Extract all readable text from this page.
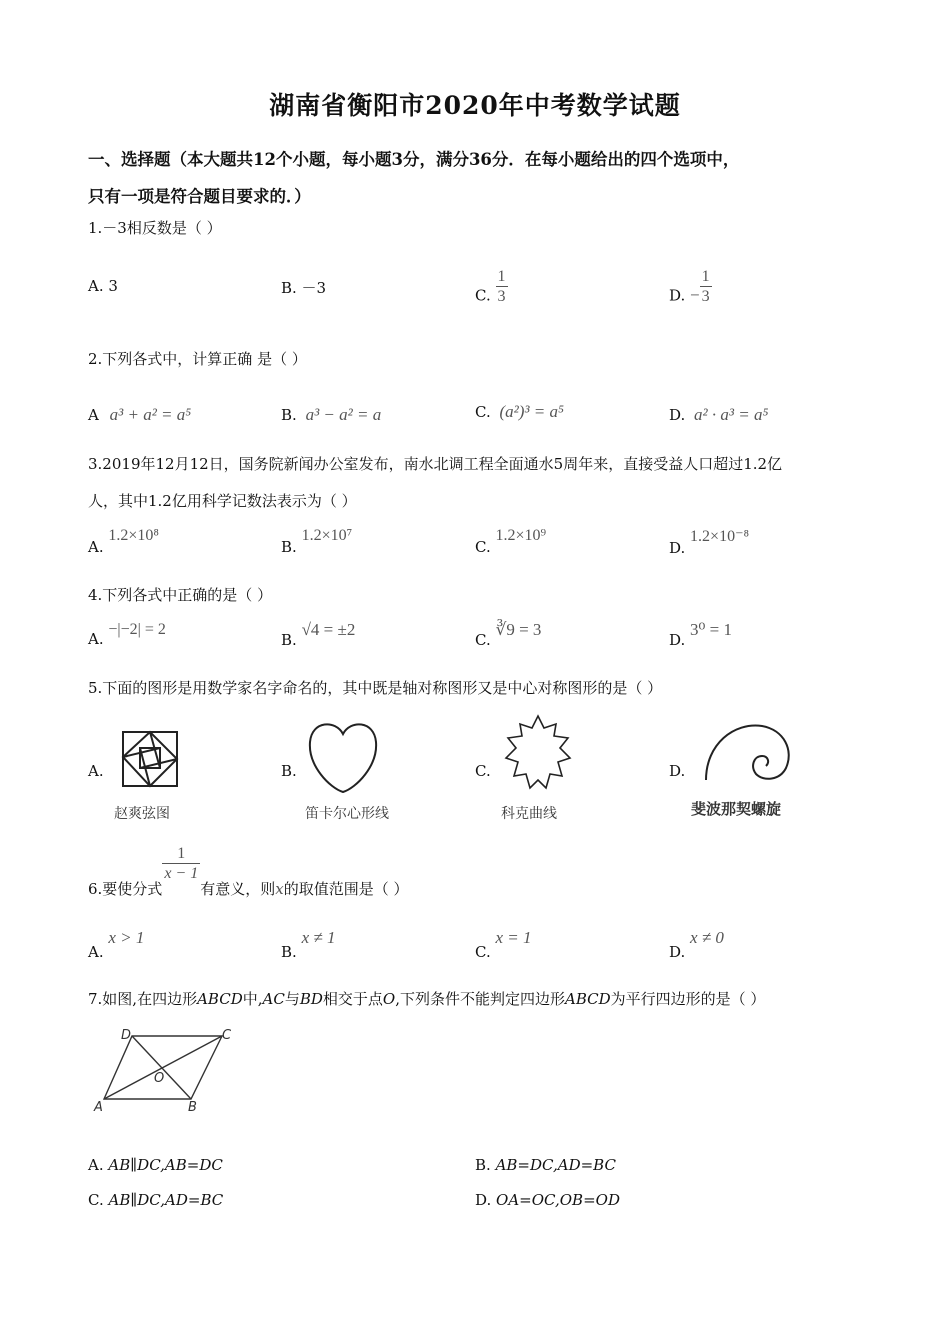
湖南省衡阳市2020年中考数学试题
一、选择题（本大题共12个小题，每小题3分，满分36分．在每小题给出的四个选项中，
只有一项是符合题目要求的．）
1.－3相反数是（ ）
A. 3	B. －3	C. $\frac{1}{3}$	D. − $\frac{1}{3}$
2.下列各式中，计算正确 是（ ）
A a³ + a² = a⁵	B. a³ − a² = a	C. (a²)³ = a⁵	D. a² · a³ = a⁵
3.2019年12月12日，国务院新闻办公室发布，南水北调工程全面通水5周年来，直接受益人口超过1.2亿
人，其中1.2亿用科学记数法表示为（ ）
A. 1.2×10⁸
B. 1.2×10⁷
C. 1.2×10⁹
D. 1.2×10⁻⁸
4.下列各式中正确的是（ ）
A. −|−2| = 2
B. √4 = ±2
C. ∛9 = 3
D. 3⁰ = 1
5.下面的图形是用数学家名字命名的，其中既是轴对称图形又是中心对称图形的是（ ）
A.
赵爽弦图
B.
笛卡尔心形线
C.
科克曲线
D.
斐波那契螺旋
6.要使分式
$\frac{1}{x - 1}$
有意义，则x的取值范围是（ ）
A. x > 1
B. x ≠ 1
C. x = 1
D. x ≠ 0
7.如图,在四边形ABCD中,AC与BD相交于点O,下列条件不能判定四边形ABCD为平行四边形的是（ ）
A	B
C
D
O
A. AB∥DC,AB=DC	B. AB=DC,AD=BC
C. AB∥DC,AD=BC	D. OA=OC,OB=OD
